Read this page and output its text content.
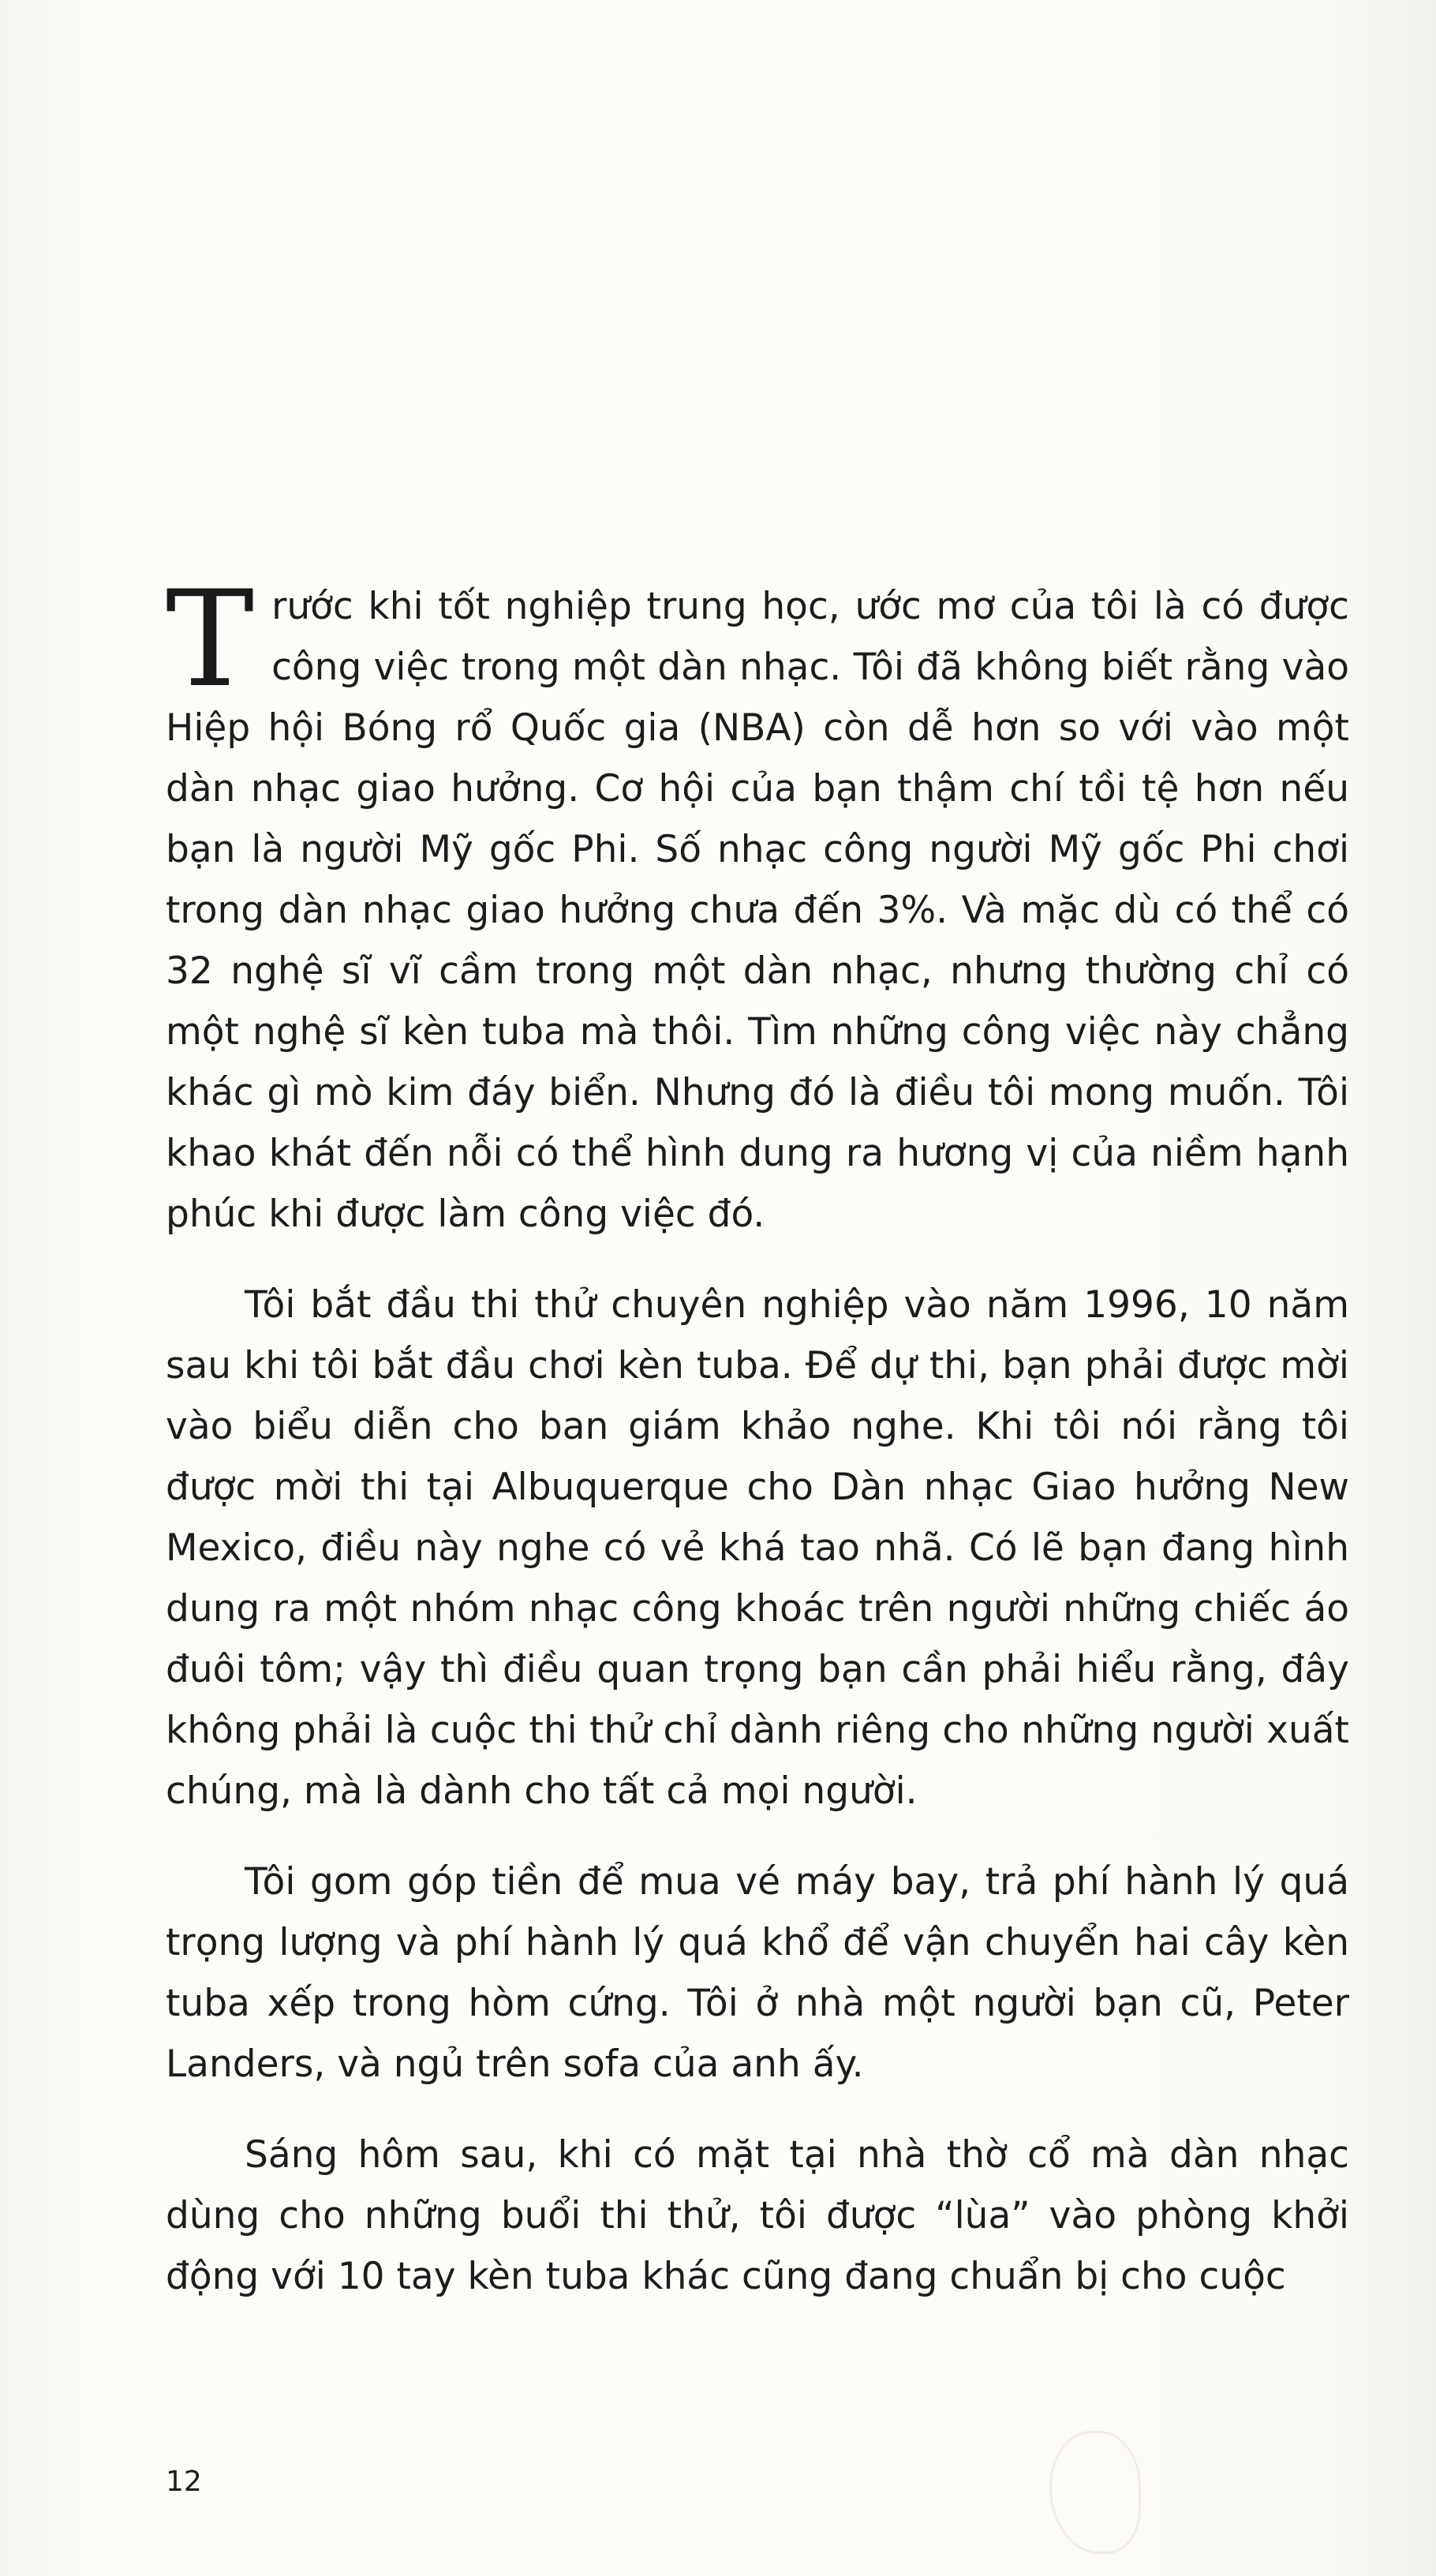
Trước khi tốt nghiệp trung học, ước mơ của tôi là có được công việc trong một dàn nhạc. Tôi đã không biết rằng vào Hiệp hội Bóng rổ Quốc gia (NBA) còn dễ hơn so với vào một dàn nhạc giao hưởng. Cơ hội của bạn thậm chí tồi tệ hơn nếu bạn là người Mỹ gốc Phi. Số nhạc công người Mỹ gốc Phi chơi trong dàn nhạc giao hưởng chưa đến 3%. Và mặc dù có thể có 32 nghệ sĩ vĩ cầm trong một dàn nhạc, nhưng thường chỉ có một nghệ sĩ kèn tuba mà thôi. Tìm những công việc này chẳng khác gì mò kim đáy biển. Nhưng đó là điều tôi mong muốn. Tôi khao khát đến nỗi có thể hình dung ra hương vị của niềm hạnh phúc khi được làm công việc đó.

Tôi bắt đầu thi thử chuyên nghiệp vào năm 1996, 10 năm sau khi tôi bắt đầu chơi kèn tuba. Để dự thi, bạn phải được mời vào biểu diễn cho ban giám khảo nghe. Khi tôi nói rằng tôi được mời thi tại Albuquerque cho Dàn nhạc Giao hưởng New Mexico, điều này nghe có vẻ khá tao nhã. Có lẽ bạn đang hình dung ra một nhóm nhạc công khoác trên người những chiếc áo đuôi tôm; vậy thì điều quan trọng bạn cần phải hiểu rằng, đây không phải là cuộc thi thử chỉ dành riêng cho những người xuất chúng, mà là dành cho tất cả mọi người.

Tôi gom góp tiền để mua vé máy bay, trả phí hành lý quá trọng lượng và phí hành lý quá khổ để vận chuyển hai cây kèn tuba xếp trong hòm cứng. Tôi ở nhà một người bạn cũ, Peter Landers, và ngủ trên sofa của anh ấy.

Sáng hôm sau, khi có mặt tại nhà thờ cổ mà dàn nhạc dùng cho những buổi thi thử, tôi được “lùa” vào phòng khởi động với 10 tay kèn tuba khác cũng đang chuẩn bị cho cuộc

12
